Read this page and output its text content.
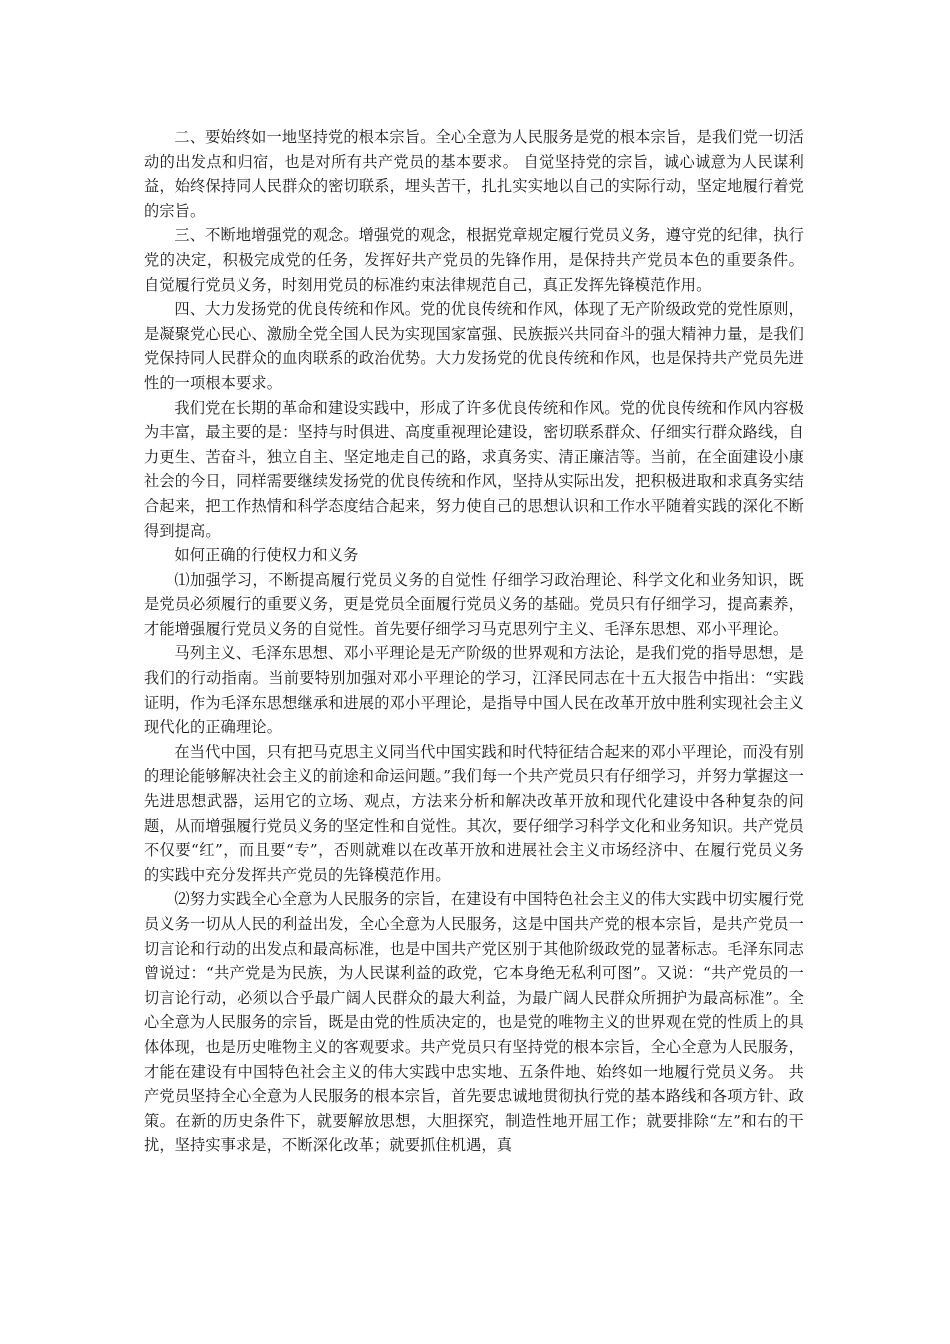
二、要始终如一地坚持党的根本宗旨。全心全意为人民服务是党的根本宗旨，是我们党一切活动的出发点和归宿，也是对所有共产党员的基本要求。 自觉坚持党的宗旨，诚心诚意为人民谋利益，始终保持同人民群众的密切联系，埋头苦干，扎扎实实地以自己的实际行动，坚定地履行着党的宗旨。

三、不断地增强党的观念。增强党的观念，根据党章规定履行党员义务，遵守党的纪律，执行党的决定，积极完成党的任务，发挥好共产党员的先锋作用，是保持共产党员本色的重要条件。 自觉履行党员义务，时刻用党员的标准约束法律规范自己，真正发挥先锋模范作用。

四、大力发扬党的优良传统和作风。党的优良传统和作风，体现了无产阶级政党的党性原则，是凝聚党心民心、激励全党全国人民为实现国家富强、民族振兴共同奋斗的强大精神力量，是我们党保持同人民群众的血肉联系的政治优势。大力发扬党的优良传统和作风，也是保持共产党员先进性的一项根本要求。

我们党在长期的革命和建设实践中，形成了许多优良传统和作风。党的优良传统和作风内容极为丰富，最主要的是：坚持与时俱进、高度重视理论建设，密切联系群众、仔细实行群众路线，自力更生、苦奋斗，独立自主、坚定地走自己的路，求真务实、清正廉洁等。当前，在全面建设小康社会的今日，同样需要继续发扬党的优良传统和作风，坚持从实际出发，把积极进取和求真务实结合起来，把工作热情和科学态度结合起来，努力使自己的思想认识和工作水平随着实践的深化不断得到提高。

如何正确的行使权力和义务

⑴加强学习，不断提高履行党员义务的自觉性 仔细学习政治理论、科学文化和业务知识，既是党员必须履行的重要义务，更是党员全面履行党员义务的基础。党员只有仔细学习，提高素养，才能增强履行党员义务的自觉性。首先要仔细学习马克思列宁主义、毛泽东思想、邓小平理论。

马列主义、毛泽东思想、邓小平理论是无产阶级的世界观和方法论，是我们党的指导思想，是我们的行动指南。当前要特别加强对邓小平理论的学习，江泽民同志在十五大报告中指出：“实践证明，作为毛泽东思想继承和进展的邓小平理论，是指导中国人民在改革开放中胜利实现社会主义现代化的正确理论。

在当代中国，只有把马克思主义同当代中国实践和时代特征结合起来的邓小平理论，而没有别的理论能够解决社会主义的前途和命运问题。”我们每一个共产党员只有仔细学习，并努力掌握这一先进思想武器，运用它的立场、观点，方法来分析和解决改革开放和现代化建设中各种复杂的问题，从而增强履行党员义务的坚定性和自觉性。其次，要仔细学习科学文化和业务知识。共产党员不仅要“红”，而且要“专”，否则就难以在改革开放和进展社会主义市场经济中、在履行党员义务的实践中充分发挥共产党员的先锋模范作用。

⑵努力实践全心全意为人民服务的宗旨，在建设有中国特色社会主义的伟大实践中切实履行党员义务一切从人民的利益出发，全心全意为人民服务，这是中国共产党的根本宗旨，是共产党员一切言论和行动的出发点和最高标准，也是中国共产党区别于其他阶级政党的显著标志。毛泽东同志曾说过：“共产党是为民族，为人民谋利益的政党，它本身绝无私利可图”。又说：“共产党员的一切言论行动，必须以合乎最广阔人民群众的最大利益，为最广阔人民群众所拥护为最高标准”。全心全意为人民服务的宗旨，既是由党的性质决定的，也是党的唯物主义的世界观在党的性质上的具体体现，也是历史唯物主义的客观要求。共产党员只有坚持党的根本宗旨，全心全意为人民服务，才能在建设有中国特色社会主义的伟大实践中忠实地、五条件地、始终如一地履行党员义务。 共产党员坚持全心全意为人民服务的根本宗旨，首先要忠诚地贯彻执行党的基本路线和各项方针、政策。在新的历史条件下，就要解放思想，大胆探究，制造性地开屈工作；就要排除“左”和右的干扰，坚持实事求是，不断深化改革；就要抓住机遇，真
